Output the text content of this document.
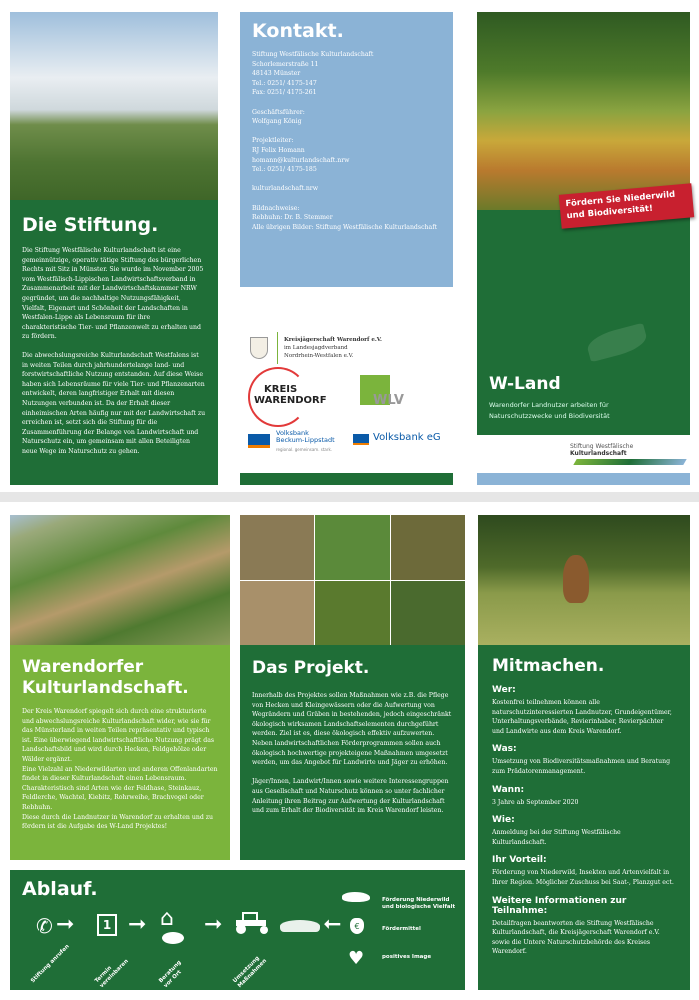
Die Stiftung.
Die Stiftung Westfälische Kulturlandschaft ist eine gemeinnützige, operativ tätige Stiftung des bürgerlichen Rechts mit Sitz in Münster. Sie wurde im November 2005 vom Westfälisch-Lippischen Landwirtschaftsverband in Zusammenarbeit mit der Landwirtschaftskammer NRW gegründet, um die nachhaltige Nutzungsfähigkeit, Vielfalt, Eigenart und Schönheit der Landschaften in Westfalen-Lippe als Lebensraum für ihre charakteristische Tier- und Pflanzenwelt zu erhalten und zu fördern.
Die abwechslungsreiche Kulturlandschaft Westfalens ist in weiten Teilen durch jahrhundertelange land- und forstwirtschaftliche Nutzung entstanden. Auf diese Weise haben sich Lebensräume für viele Tier- und Pflanzenarten entwickelt, deren langfristiger Erhalt mit diesen Nutzungen verbunden ist. Da der Erhalt dieser einheimischen Arten häufig nur mit der Landwirtschaft zu erreichen ist, setzt sich die Stiftung für die Zusammenführung der Belange von Landwirtschaft und Naturschutz ein, um gemeinsam mit allen Beteiligten neue Wege im Naturschutz zu gehen.
Kontakt.
Stiftung Westfälische Kulturlandschaft
Schorlemerstraße 11
48143 Münster
Tel.: 0251/ 4175-147
Fax: 0251/ 4175-261
Geschäftsführer:
Wolfgang König
Projektleiter:
RJ Felix Homann
homann@kulturlandschaft.nrw
Tel.: 0251/ 4175-185
kulturlandschaft.nrw
Bildnachweise:
Rebhuhn: Dr. B. Stemmer
Alle übrigen Bilder: Stiftung Westfälische Kulturlandschaft
Kreisjägerschaft Warendorf e.V.
im Landesjagdverband
Nordrhein-Westfalen e.V.
KREIS
WARENDORF	WLV
Volksbank
Beckum-Lippstadt
regional. gemeinsam. stark.
Volksbank eG
W-Land
Warendorfer Landnutzer arbeiten für
Naturschutzzwecke und Biodiversität
Fördern Sie Niederwild und Biodiversität!
Stiftung Westfälische
Kulturlandschaft
Warendorfer Kulturlandschaft.
Der Kreis Warendorf spiegelt sich durch eine strukturierte und abwechslungsreiche Kulturlandschaft wider, wie sie für das Münsterland in weiten Teilen repräsentativ und typisch ist. Eine überwiegend landwirtschaftliche Nutzung prägt das Landschaftsbild und wird durch Hecken, Feldgehölze oder Wälder ergänzt.
Eine Vielzahl an Niederwildarten und anderen Offenlandarten findet in dieser Kulturlandschaft einen Lebensraum. Charakteristisch sind Arten wie der Feldhase, Steinkauz, Feldlerche, Wachtel, Kiebitz, Rohrweihe, Brachvogel oder Rebhuhn.
Diese durch die Landnutzer in Warendorf zu erhalten und zu fördern ist die Aufgabe des W-Land Projektes!
Das Projekt.
Innerhalb des Projektes sollen Maßnahmen wie z.B. die Pflege von Hecken und Kleingewässern oder die Aufwertung von Wegrändern und Gräben in bestehenden, jedoch eingeschränkt ökologisch wirksamen Landschaftselementen durchgeführt werden. Ziel ist es, diese ökologisch effektiv aufzuwerten.
Neben landwirtschaftlichen Förderprogrammen sollen auch ökologisch hochwertige projekteigene Maßnahmen umgesetzt werden, um das Angebot für Landwirte und Jäger zu erhöhen.

Jäger/Innen, Landwirt/Innen sowie weitere Interessengruppen aus Gesellschaft und Naturschutz können so unter fachlicher Anleitung ihren Beitrag zur Aufwertung der Kulturlandschaft und zum Erhalt der Biodiversität im Kreis Warendorf leisten.
Mitmachen.
Wer:
Kostenfrei teilnehmen können alle naturschutzinteressierten Landnutzer, Grundeigentümer, Unterhaltungsverbände, Revierinhaber, Revierpächter und Landwirte aus dem Kreis Warendorf.
Was:
Umsetzung von Biodiversitätsmaßnahmen und Beratung zum Prädatorenmanagement.
Wann:
3 Jahre ab September 2020
Wie:
Anmeldung bei der Stiftung Westfälische Kulturlandschaft.
Ihr Vorteil:
Förderung von Niederwild, Insekten und Artenvielfalt in Ihrer Region. Möglicher Zuschuss bei Saat-, Planzgut ect.
Weitere Informationen zur Teilnahme:
Detailfragen beantworten die Stiftung Westfälische Kulturlandschaft, die Kreisjägerschaft Warendorf e.V. sowie die Untere Naturschutzbehörde des Kreises Warendorf.
Ablauf.
✆ ➞	1 ➞ ⌂ ➞	➞	€
♥
Förderung Niederwild
und biologische Vielfalt
Fördermittel
positives Image
Stiftung anrufen	Termin
vereinbaren	Beratung
vor Ort	Umsetzung
Maßnahmen
